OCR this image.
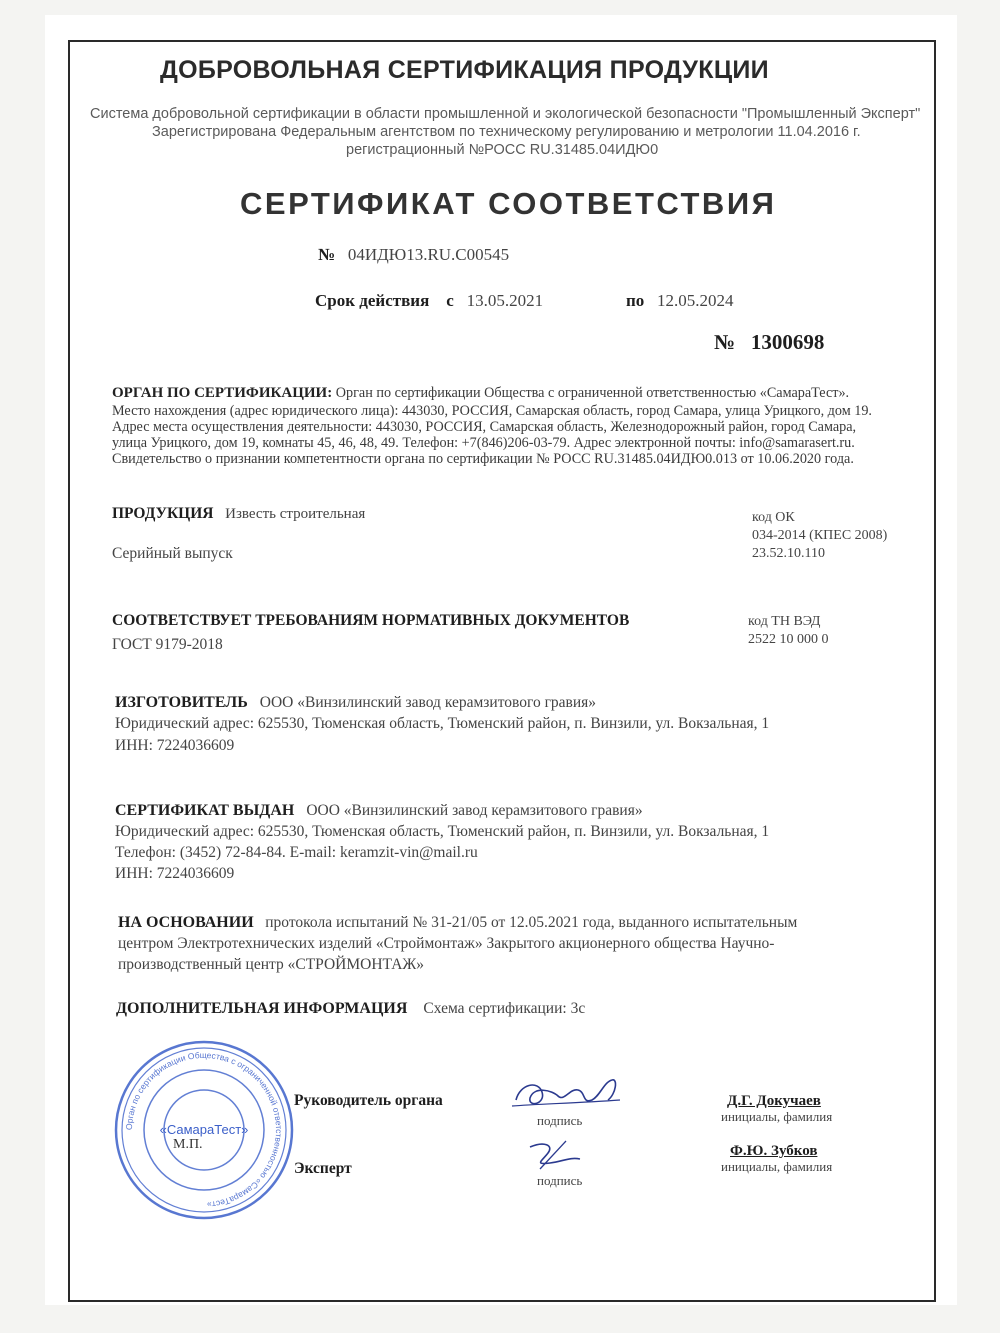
ДОБРОВОЛЬНАЯ СЕРТИФИКАЦИЯ ПРОДУКЦИИ
Система добровольной сертификации в области промышленной и экологической безопасности "Промышленный Эксперт"
Зарегистрирована Федеральным агентством по техническому регулированию и метрологии 11.04.2016 г.
регистрационный №РОСС RU.31485.04ИДЮ0
СЕРТИФИКАТ СООТВЕТСТВИЯ
№ 04ИДЮ13.RU.C00545
Срок действия с 13.05.2021	по 12.05.2024
№ 1300698
ОРГАН ПО СЕРТИФИКАЦИИ: Орган по сертификации Общества с ограниченной ответственностью «СамараТест».
Место нахождения (адрес юридического лица): 443030, РОССИЯ, Самарская область, город Самара, улица Урицкого, дом 19.
Адрес места осуществления деятельности: 443030, РОССИЯ, Самарская область, Железнодорожный район, город Самара,
улица Урицкого, дом 19, комнаты 45, 46, 48, 49. Телефон: +7(846)206-03-79. Адрес электронной почты: info@samarasert.ru.
Свидетельство о признании компетентности органа по сертификации № РОСС RU.31485.04ИДЮ0.013 от 10.06.2020 года.
ПРОДУКЦИЯ Известь строительная
Серийный выпуск
код ОК
034-2014 (КПЕС 2008)
23.52.10.110
СООТВЕТСТВУЕТ ТРЕБОВАНИЯМ НОРМАТИВНЫХ ДОКУМЕНТОВ
ГОСТ 9179-2018
код ТН ВЭД
2522 10 000 0
ИЗГОТОВИТЕЛЬ ООО «Винзилинский завод керамзитового гравия»
Юридический адрес: 625530, Тюменская область, Тюменский район, п. Винзили, ул. Вокзальная, 1
ИНН: 7224036609
СЕРТИФИКАТ ВЫДАН ООО «Винзилинский завод керамзитового гравия»
Юридический адрес: 625530, Тюменская область, Тюменский район, п. Винзили, ул. Вокзальная, 1
Телефон: (3452) 72-84-84. E-mail: keramzit-vin@mail.ru
ИНН: 7224036609
НА ОСНОВАНИИ протокола испытаний № 31-21/05 от 12.05.2021 года, выданного испытательным
центром Электротехнических изделий «Строймонтаж» Закрытого акционерного общества Научно-
производственный центр «СТРОЙМОНТАЖ»
ДОПОЛНИТЕЛЬНАЯ ИНФОРМАЦИЯ Схема сертификации: 3с
Орган по сертификации Общества с ограниченной ответственностью «СамараТест»
«СамараТест»
М.П.
Руководитель органа
подпись
Д.Г. Докучаев
инициалы, фамилия
Эксперт
подпись
Ф.Ю. Зубков
инициалы, фамилия
